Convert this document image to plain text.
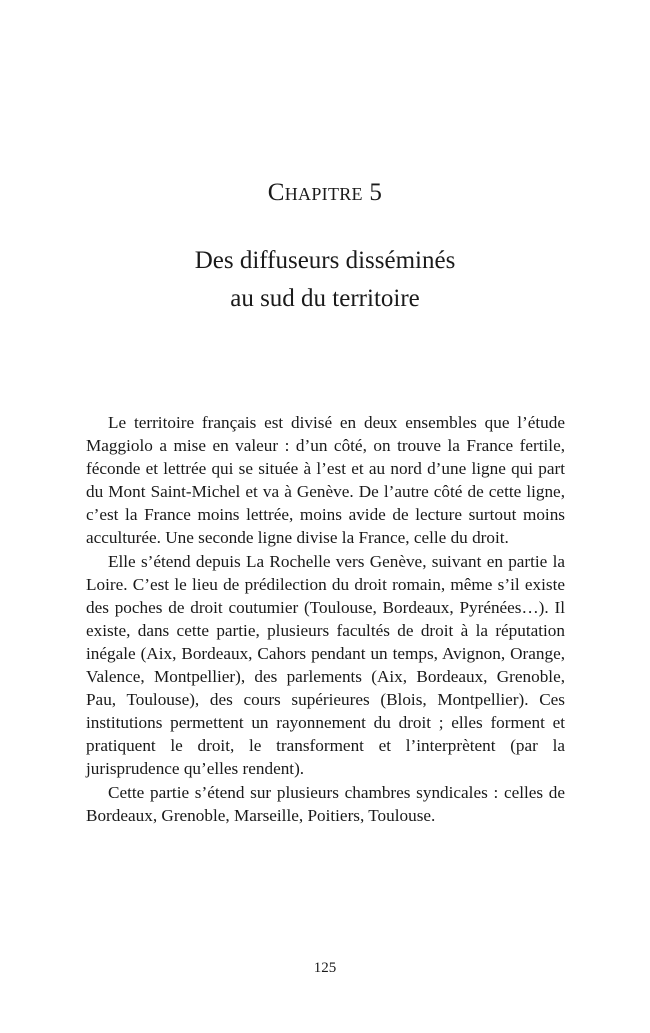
Chapitre 5
Des diffuseurs disséminés
au sud du territoire

Le territoire français est divisé en deux ensembles que l’étude Maggiolo a mise en valeur : d’un côté, on trouve la France fertile, féconde et lettrée qui se située à l’est et au nord d’une ligne qui part du Mont Saint-Michel et va à Genève. De l’autre côté de cette ligne, c’est la France moins lettrée, moins avide de lecture surtout moins acculturée. Une seconde ligne divise la France, celle du droit.

Elle s’étend depuis La Rochelle vers Genève, suivant en partie la Loire. C’est le lieu de prédilection du droit romain, même s’il existe des poches de droit coutumier (Toulouse, Bordeaux, Pyrénées…). Il existe, dans cette partie, plusieurs facultés de droit à la réputation inégale (Aix, Bordeaux, Cahors pendant un temps, Avignon, Orange, Valence, Montpellier), des parlements (Aix, Bordeaux, Grenoble, Pau, Toulouse), des cours supérieures (Blois, Montpellier). Ces institutions permettent un rayonnement du droit ; elles forment et pratiquent le droit, le transforment et l’interprètent (par la jurisprudence qu’elles rendent).

Cette partie s’étend sur plusieurs chambres syndicales : celles de Bordeaux, Grenoble, Marseille, Poitiers, Toulouse.

125
